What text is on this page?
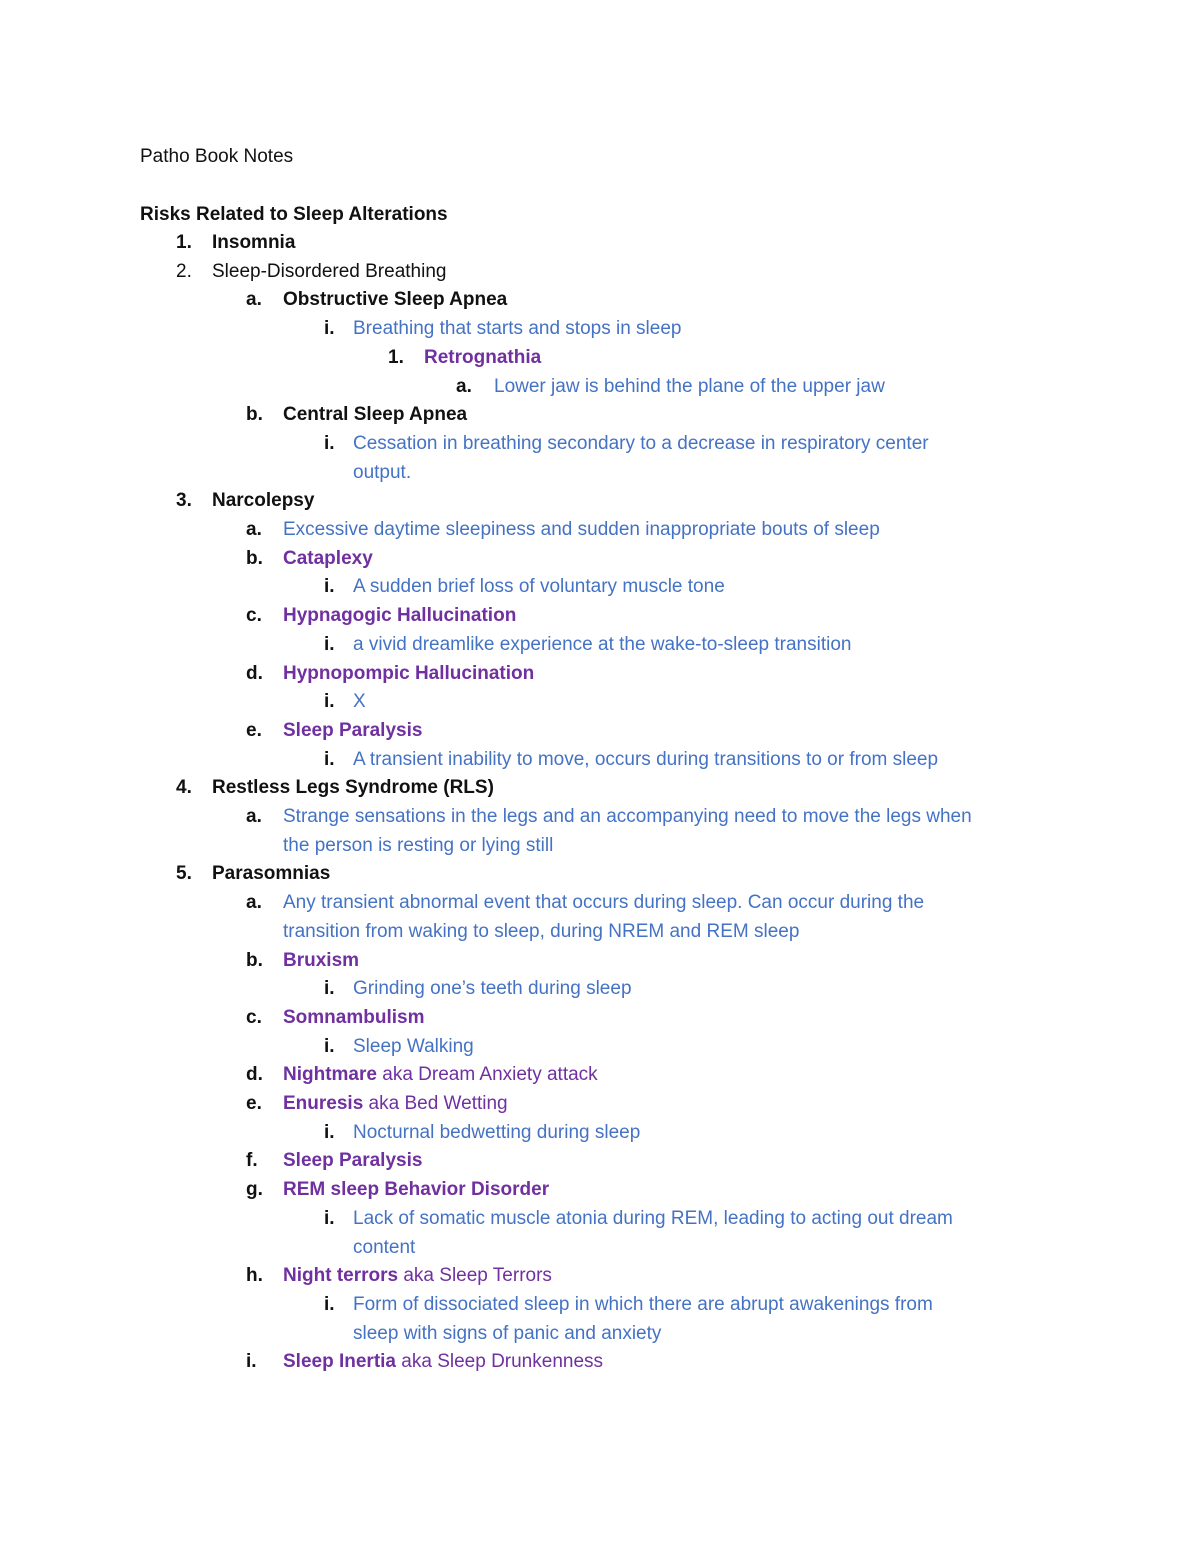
Patho Book Notes
Risks Related to Sleep Alterations
1. Insomnia
2. Sleep-Disordered Breathing
a. Obstructive Sleep Apnea
i. Breathing that starts and stops in sleep
1. Retrognathia
a. Lower jaw is behind the plane of the upper jaw
b. Central Sleep Apnea
i. Cessation in breathing secondary to a decrease in respiratory center
output.
3. Narcolepsy
a. Excessive daytime sleepiness and sudden inappropriate bouts of sleep
b. Cataplexy
i. A sudden brief loss of voluntary muscle tone
c. Hypnagogic Hallucination
i. a vivid dreamlike experience at the wake-to-sleep transition
d. Hypnopompic Hallucination
i. X
e. Sleep Paralysis
i. A transient inability to move, occurs during transitions to or from sleep
4. Restless Legs Syndrome (RLS)
a. Strange sensations in the legs and an accompanying need to move the legs when
the person is resting or lying still
5. Parasomnias
a. Any transient abnormal event that occurs during sleep. Can occur during the
transition from waking to sleep, during NREM and REM sleep
b. Bruxism
i. Grinding one’s teeth during sleep
c. Somnambulism
i. Sleep Walking
d. Nightmare aka Dream Anxiety attack
e. Enuresis aka Bed Wetting
i. Nocturnal bedwetting during sleep
f. Sleep Paralysis
g. REM sleep Behavior Disorder
i. Lack of somatic muscle atonia during REM, leading to acting out dream
content
h. Night terrors aka Sleep Terrors
i. Form of dissociated sleep in which there are abrupt awakenings from
sleep with signs of panic and anxiety
i. Sleep Inertia aka Sleep Drunkenness
